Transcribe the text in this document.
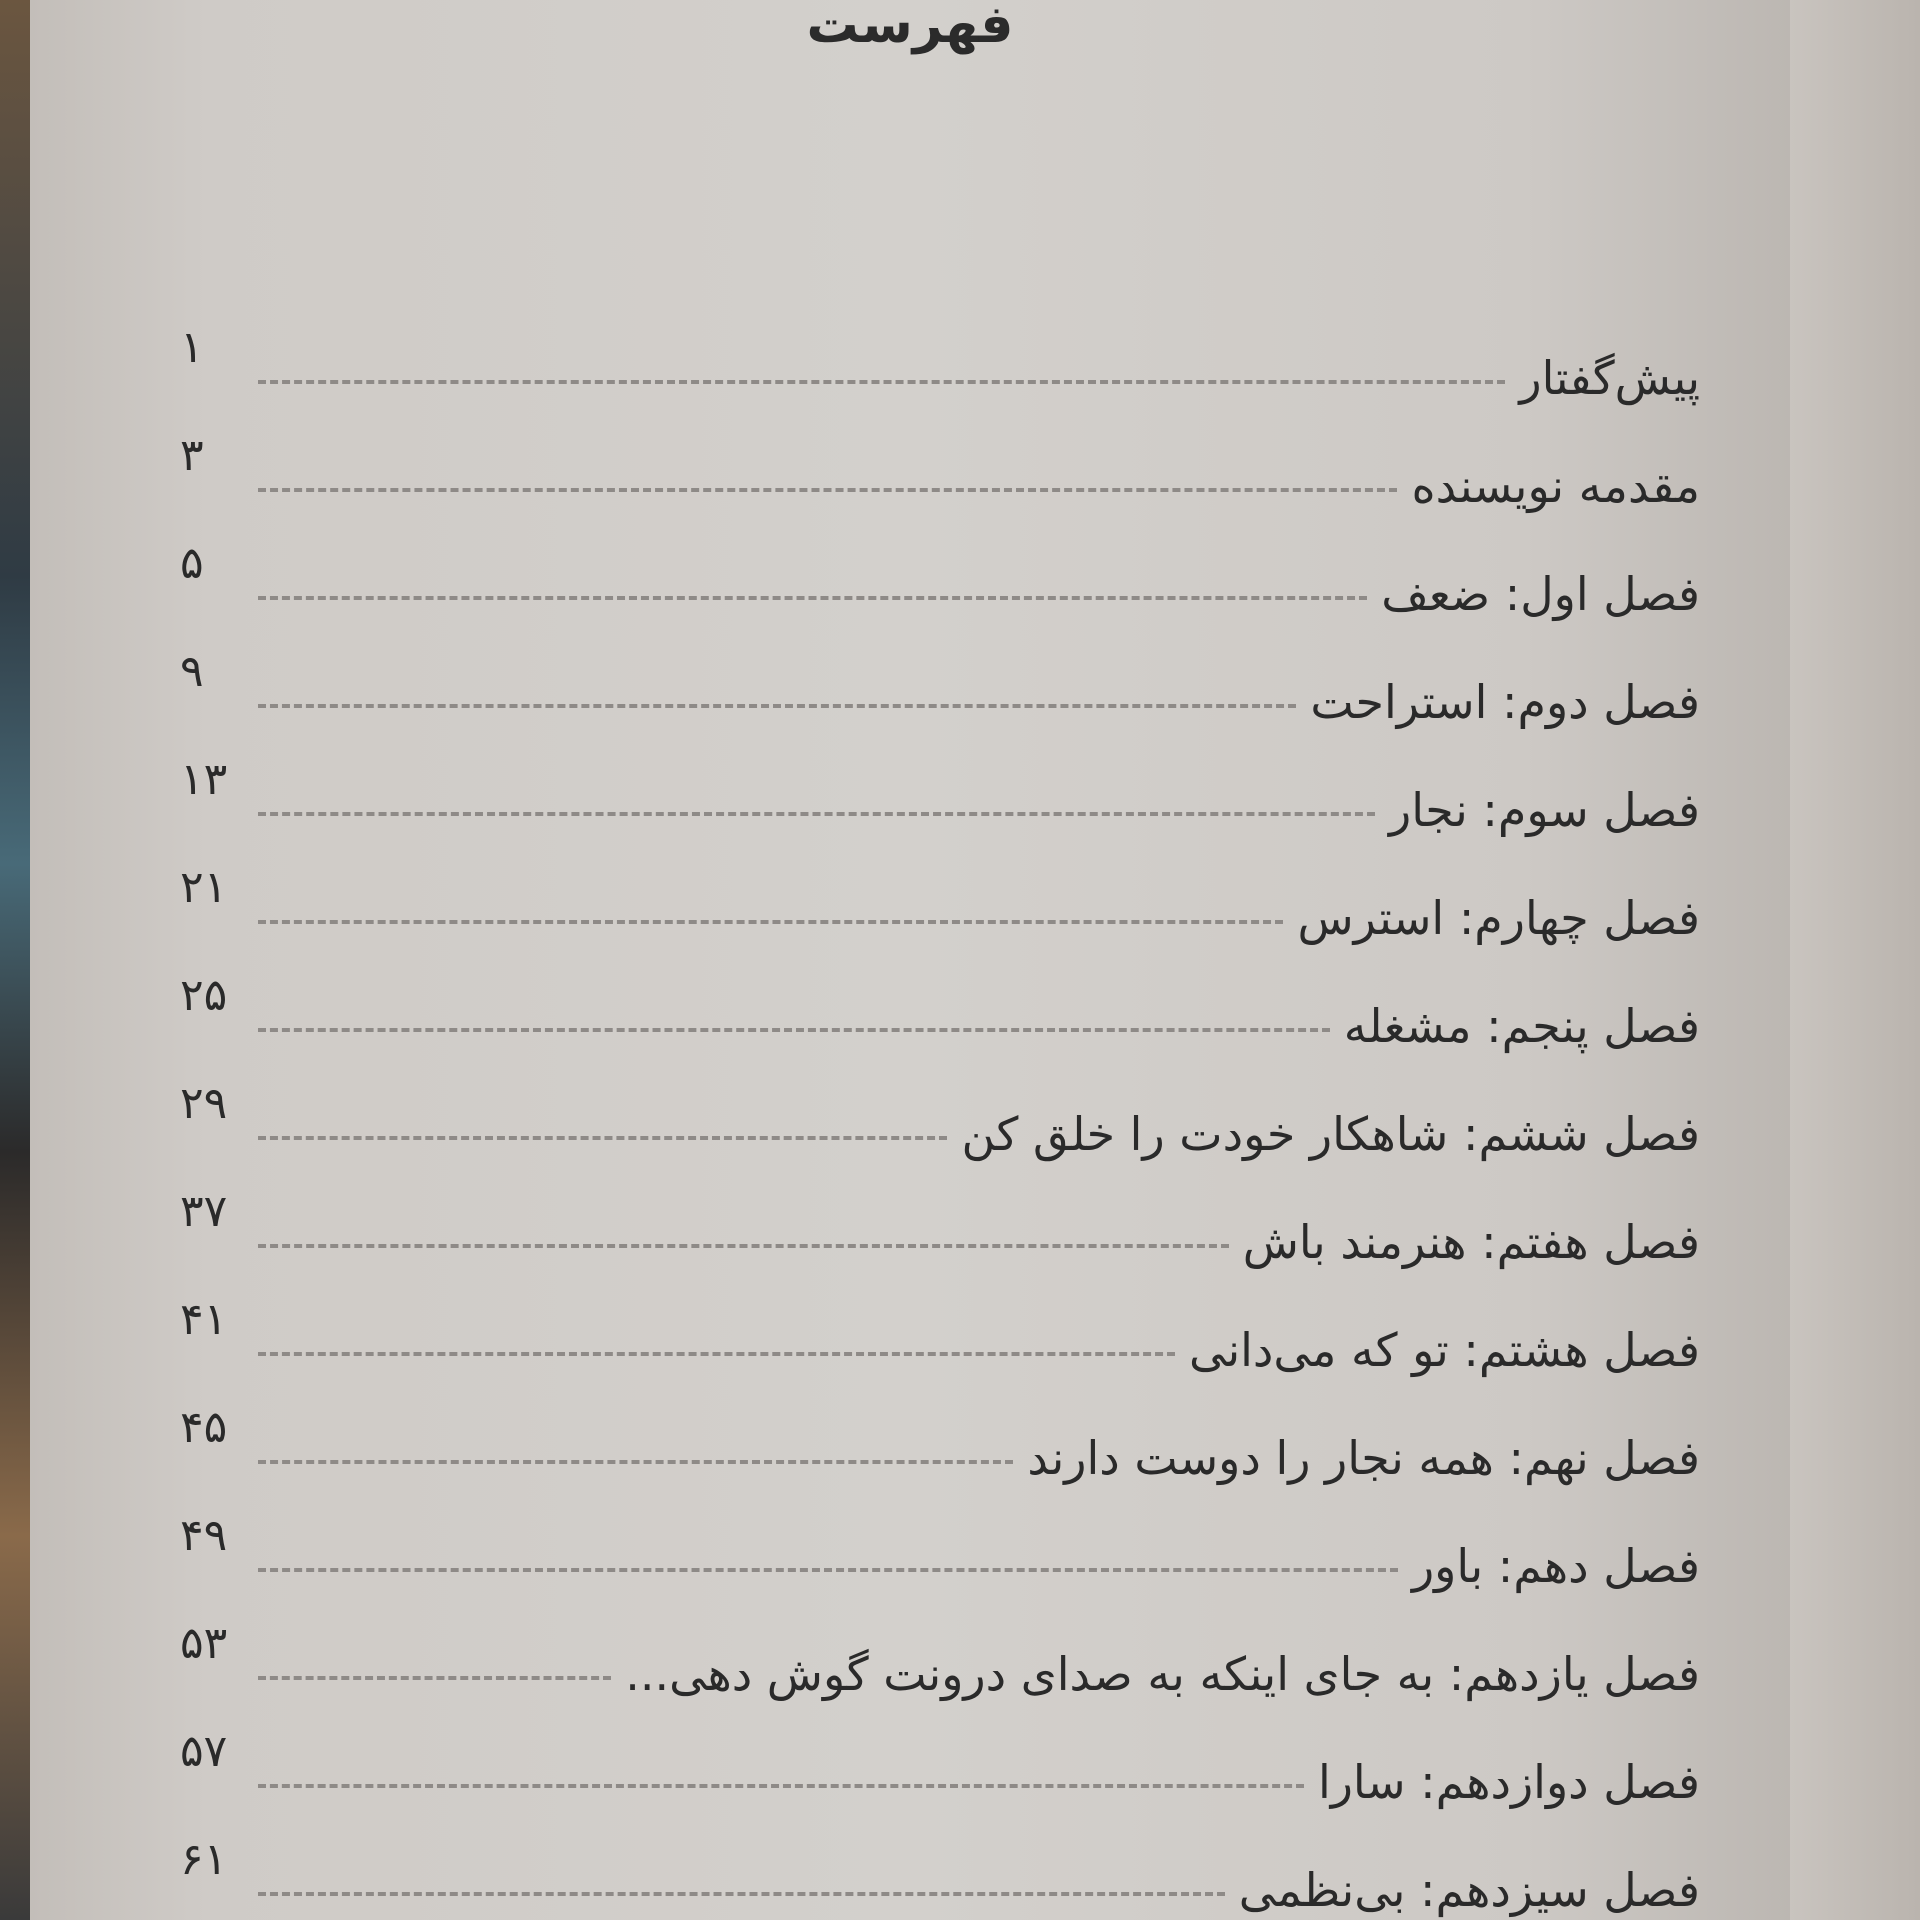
فهرست
پیش‌گفتار
۱
مقدمه نویسنده
۳
فصل اول: ضعف
۵
فصل دوم: استراحت
۹
فصل سوم: نجار
۱۳
فصل چهارم: استرس
۲۱
فصل پنجم: مشغله
۲۵
فصل ششم: شاهکار خودت را خلق کن
۲۹
فصل هفتم: هنرمند باش
۳۷
فصل هشتم: تو که می‌دانی
۴۱
فصل نهم: همه نجار را دوست دارند
۴۵
فصل دهم: باور
۴۹
فصل یازدهم: به جای اینکه به صدای درونت گوش دهی...
۵۳
فصل دوازدهم: سارا
۵۷
فصل سیزدهم: بی‌نظمی
۶۱
